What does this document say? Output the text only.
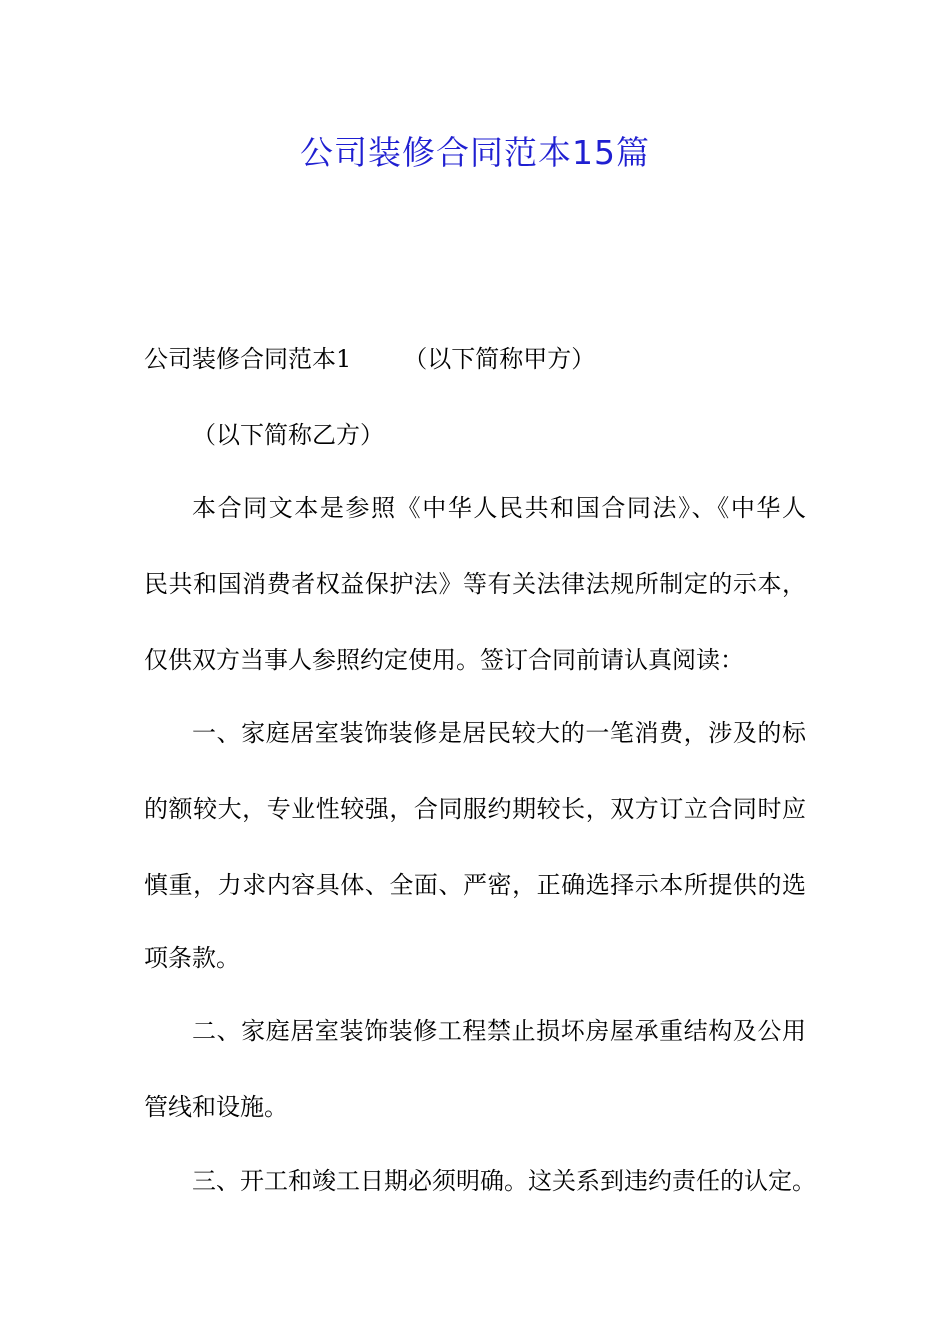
公司装修合同范本15篇
公司装修合同范本1 （以下简称甲方）
（以下简称乙方）
本合同文本是参照《中华人民共和国合同法》、《中华人
民共和国消费者权益保护法》等有关法律法规所制定的示本，
仅供双方当事人参照约定使用。签订合同前请认真阅读：
一、家庭居室装饰装修是居民较大的一笔消费，涉及的标
的额较大，专业性较强，合同服约期较长，双方订立合同时应
慎重，力求内容具体、全面、严密，正确选择示本所提供的选
项条款。
二、家庭居室装饰装修工程禁止损坏房屋承重结构及公用
管线和设施。
三、开工和竣工日期必须明确。这关系到违约责任的认定。
